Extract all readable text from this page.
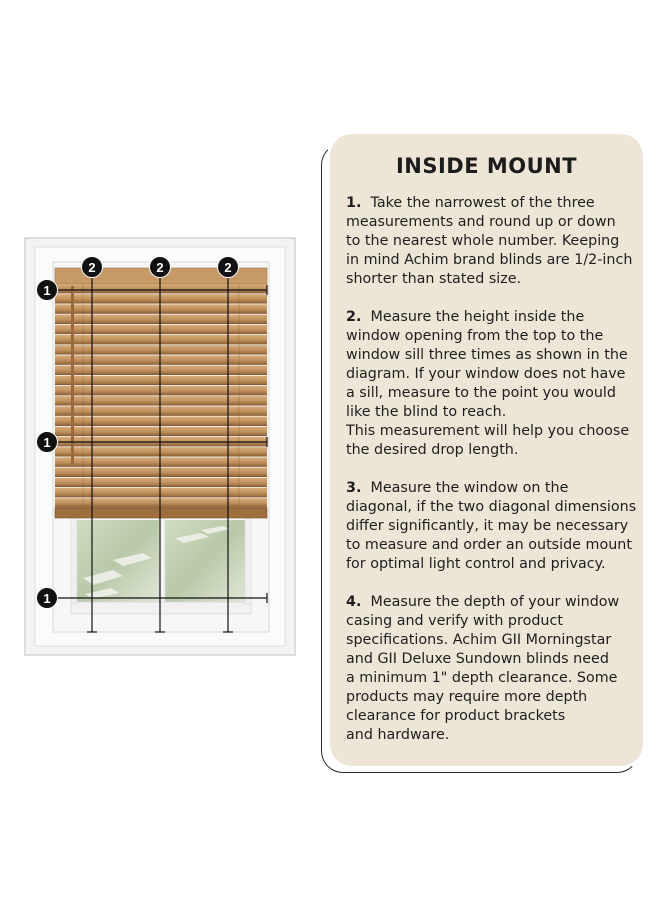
2	2	2
1
1
1
INSIDE MOUNT
1. Take the narrowest of the three
measurements and round up or down
to the nearest whole number. Keeping
in mind Achim brand blinds are 1/2-inch
shorter than stated size.
2. Measure the height inside the
window opening from the top to the
window sill three times as shown in the
diagram. If your window does not have
a sill, measure to the point you would
like the blind to reach.
This measurement will help you choose
the desired drop length.
3. Measure the window on the
diagonal, if the two diagonal dimensions
differ significantly, it may be necessary
to measure and order an outside mount
for optimal light control and privacy.
4. Measure the depth of your window
casing and verify with product
specifications. Achim GII Morningstar
and GII Deluxe Sundown blinds need
a minimum 1" depth clearance. Some
products may require more depth
clearance for product brackets
and hardware.
